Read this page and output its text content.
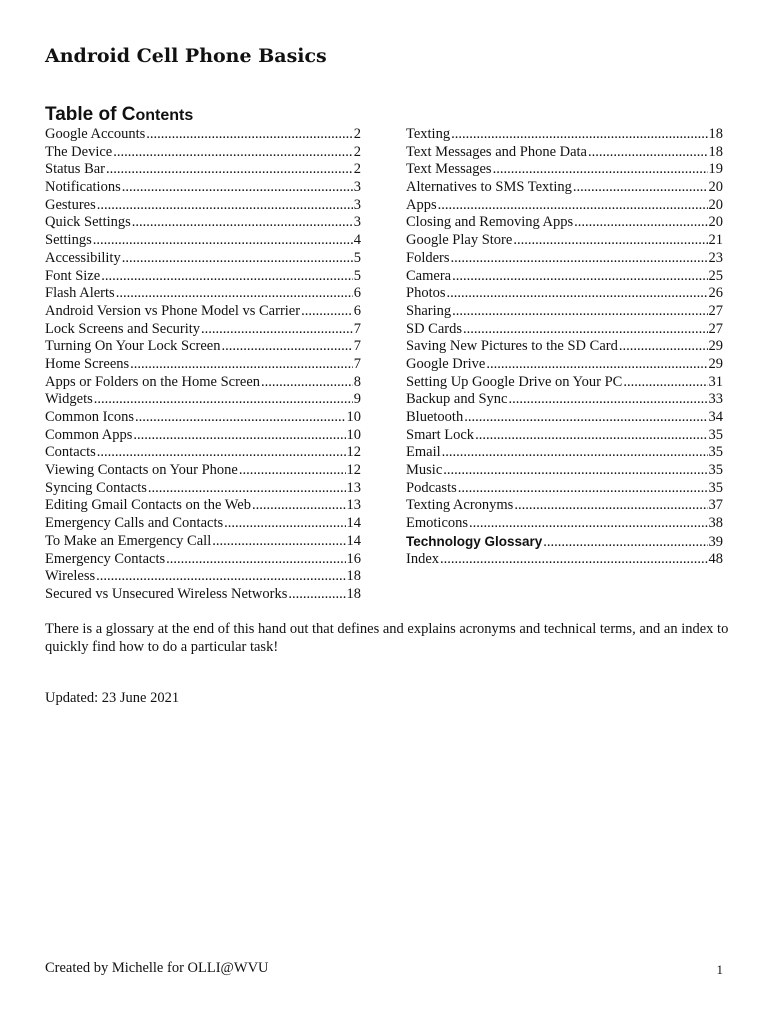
Android Cell Phone Basics
Table of Contents
Google Accounts .....	2
The Device .....	2
Status Bar .....	2
Notifications .....	3
Gestures .....	3
Quick Settings .....	3
Settings .....	4
Accessibility .....	5
Font Size .....	5
Flash Alerts .....	6
Android Version vs Phone Model vs Carrier .....	6
Lock Screens and Security .....	7
Turning On Your Lock Screen .....	7
Home Screens .....	7
Apps or Folders on the Home Screen .....	8
Widgets .....	9
Common Icons .....	10
Common Apps .....	10
Contacts .....	12
Viewing Contacts on Your Phone .....	12
Syncing Contacts .....	13
Editing Gmail Contacts on the Web .....	13
Emergency Calls and Contacts .....	14
To Make an Emergency Call .....	14
Emergency Contacts .....	16
Wireless .....	18
Secured vs Unsecured Wireless Networks .....	18
Texting .....	18
Text Messages and Phone Data .....	18
Text Messages .....	19
Alternatives to SMS Texting .....	20
Apps .....	20
Closing and Removing Apps .....	20
Google Play Store .....	21
Folders .....	23
Camera .....	25
Photos .....	26
Sharing .....	27
SD Cards .....	27
Saving New Pictures to the SD Card .....	29
Google Drive .....	29
Setting Up Google Drive on Your PC .....	31
Backup and Sync .....	33
Bluetooth .....	34
Smart Lock .....	35
Email .....	35
Music .....	35
Podcasts .....	35
Texting Acronyms .....	37
Emoticons .....	38
Technology Glossary .....	39
Index .....	48

There is a glossary at the end of this hand out that defines and explains acronyms and technical terms, and an index to quickly find how to do a particular task!

Updated: 23 June 2021

Created by Michelle for OLLI@WVU	1
